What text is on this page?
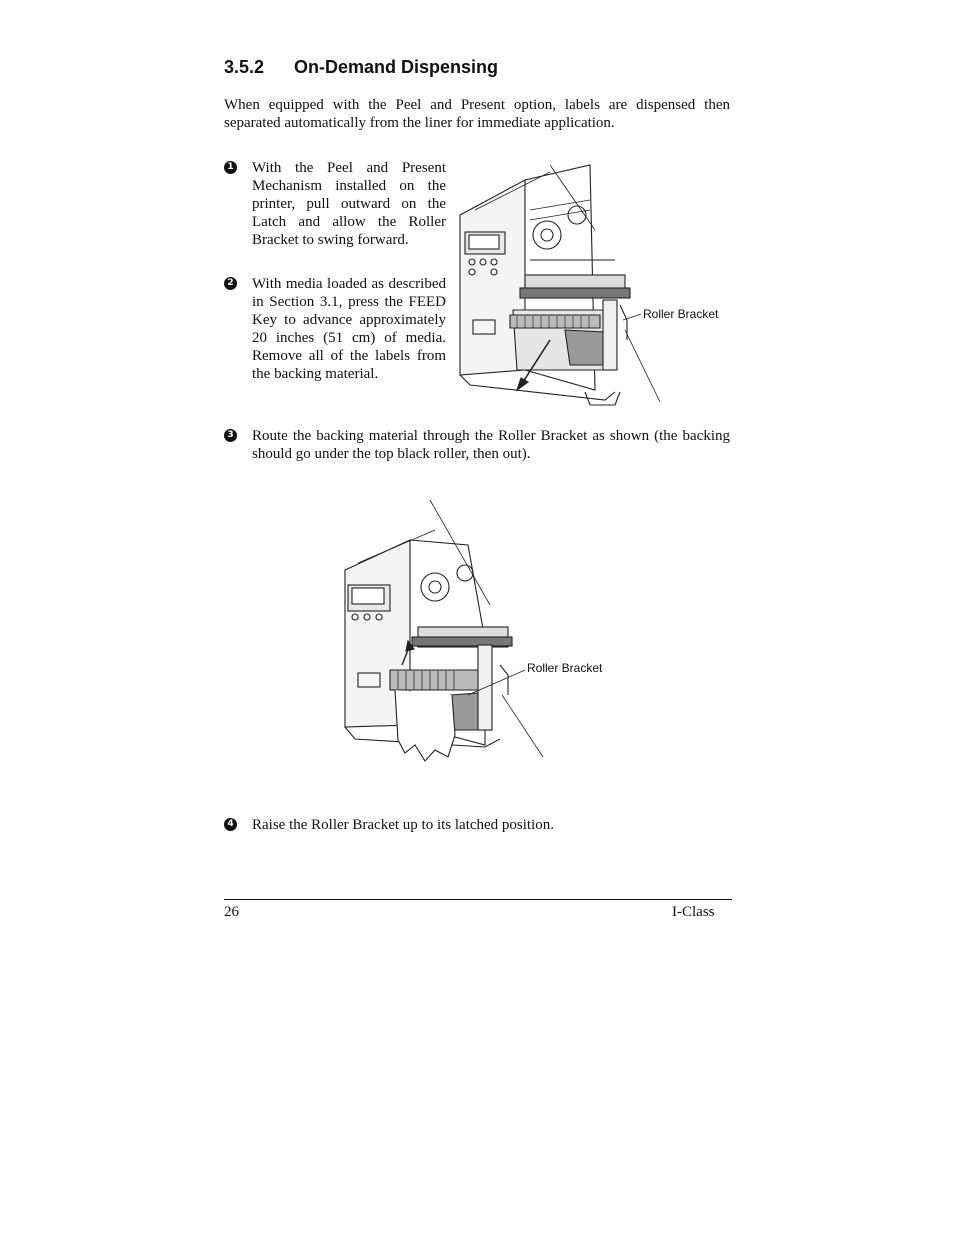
3.5.2 On-Demand Dispensing
When equipped with the Peel and Present option, labels are dispensed then separated automatically from the liner for immediate application.
1 With the Peel and Present Mechanism installed on the printer, pull outward on the Latch and allow the Roller Bracket to swing forward.
2 With media loaded as described in Section 3.1, press the FEED Key to advance approximately 20 inches (51 cm) of media. Remove all of the labels from the backing material.
Roller Bracket
3 Route the backing material through the Roller Bracket as shown (the backing should go under the top black roller, then out).
Roller Bracket
4 Raise the Roller Bracket up to its latched position.
26	I-Class
